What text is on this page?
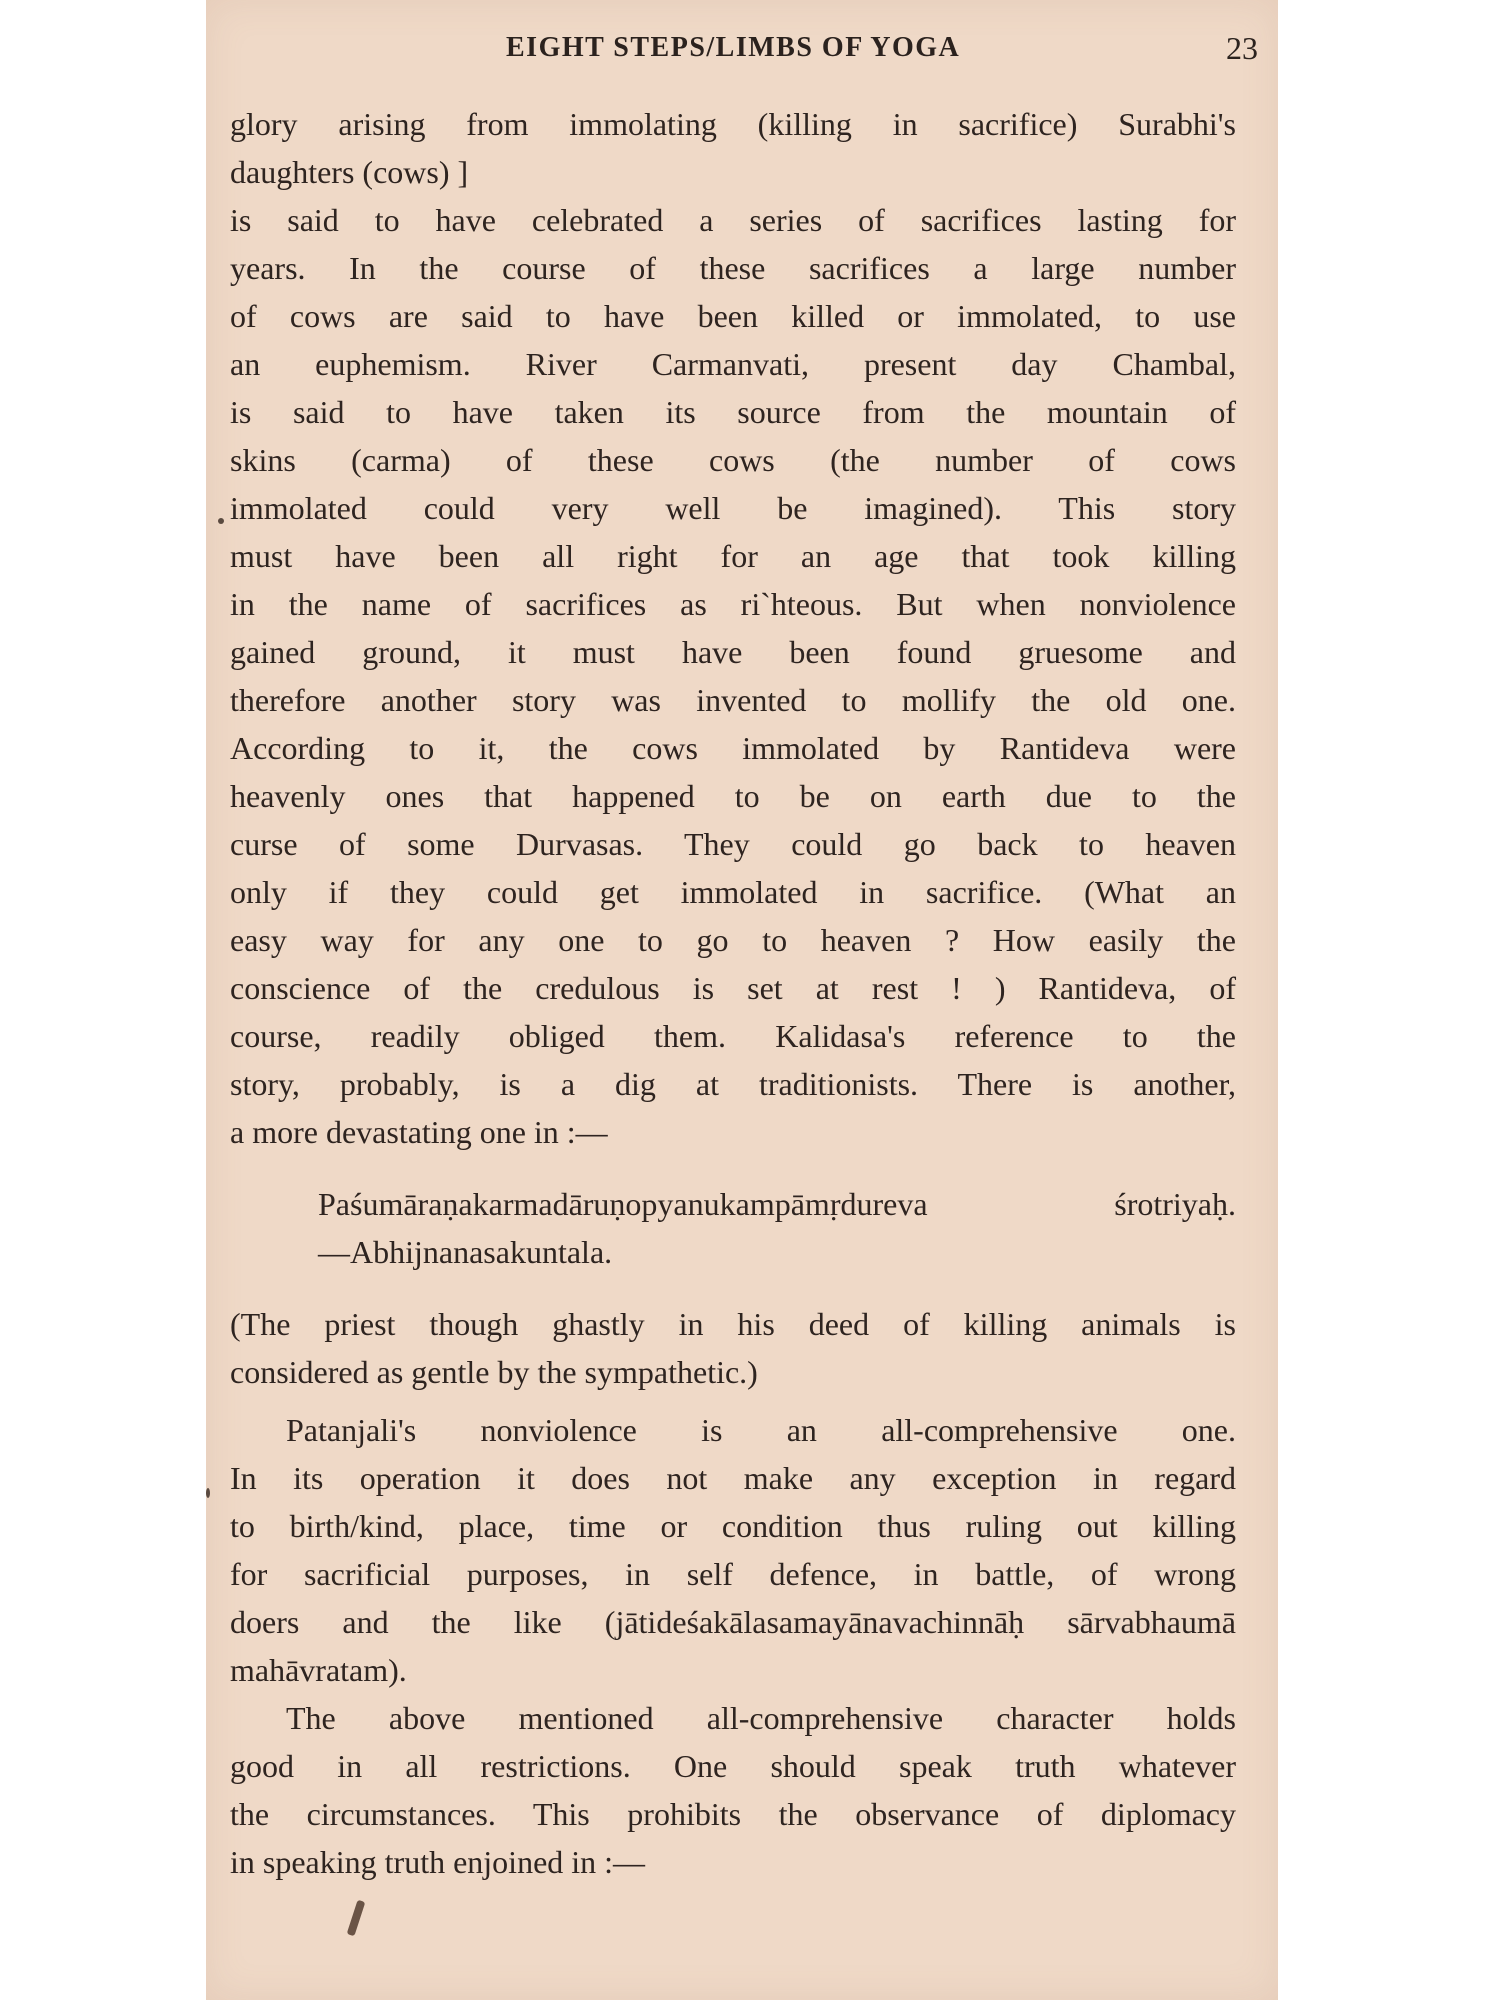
EIGHT STEPS/LIMBS OF YOGA	23
glory arising from immolating (killing in sacrifice) Surabhi's
daughters (cows) ]
is said to have celebrated a series of sacrifices lasting for
years. In the course of these sacrifices a large number
of cows are said to have been killed or immolated, to use
an euphemism. River Carmanvati, present day Chambal,
is said to have taken its source from the mountain of
skins (carma) of these cows (the number of cows
immolated could very well be imagined). This story
must have been all right for an age that took killing
in the name of sacrifices as ri`hteous. But when nonviolence
gained ground, it must have been found gruesome and
therefore another story was invented to mollify the old one.
According to it, the cows immolated by Rantideva were
heavenly ones that happened to be on earth due to the
curse of some Durvasas. They could go back to heaven
only if they could get immolated in sacrifice. (What an
easy way for any one to go to heaven ? How easily the
conscience of the credulous is set at rest ! ) Rantideva, of
course, readily obliged them. Kalidasa's reference to the
story, probably, is a dig at traditionists. There is another,
a more devastating one in :—
Paśumāraṇakarmadāruṇopyanukampāmṛdureva śrotriyaḥ.
—Abhijnanasakuntala.
(The priest though ghastly in his deed of killing animals is
considered as gentle by the sympathetic.)
Patanjali's nonviolence is an all-comprehensive one.
In its operation it does not make any exception in regard
to birth/kind, place, time or condition thus ruling out killing
for sacrificial purposes, in self defence, in battle, of wrong
doers and the like (jātideśakālasamayānavachinnāḥ sārvabhaumā
mahāvratam).
The above mentioned all-comprehensive character holds
good in all restrictions. One should speak truth whatever
the circumstances. This prohibits the observance of diplomacy
in speaking truth enjoined in :—
